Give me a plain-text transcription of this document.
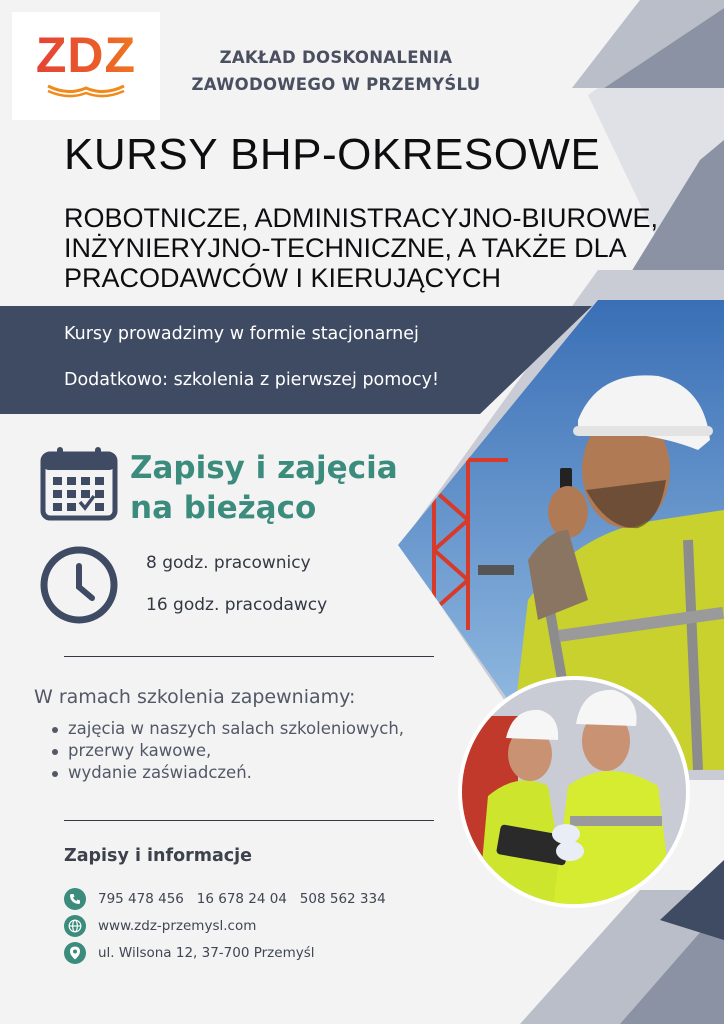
ZDZ	ZAKŁAD DOSKONALENIA
ZAWODOWEGO W PRZEMYŚLU
KURSY BHP-OKRESOWE
ROBOTNICZE, ADMINISTRACYJNO-BIUROWE,
INŻYNIERYJNO-TECHNICZNE, A TAKŻE DLA
PRACODAWCÓW I KIERUJĄCYCH
Kursy prowadzimy w formie stacjonarnej
Dodatkowo: szkolenia z pierwszej pomocy!
Zapisy i zajęcia
na bieżąco
8 godz. pracownicy
16 godz. pracodawcy
W ramach szkolenia zapewniamy:
zajęcia w naszych salach szkoleniowych,
przerwy kawowe,
wydanie zaświadczeń.
Zapisy i informacje
795 478 456   16 678 24 04   508 562 334
www.zdz-przemysl.com
ul. Wilsona 12, 37-700 Przemyśl
